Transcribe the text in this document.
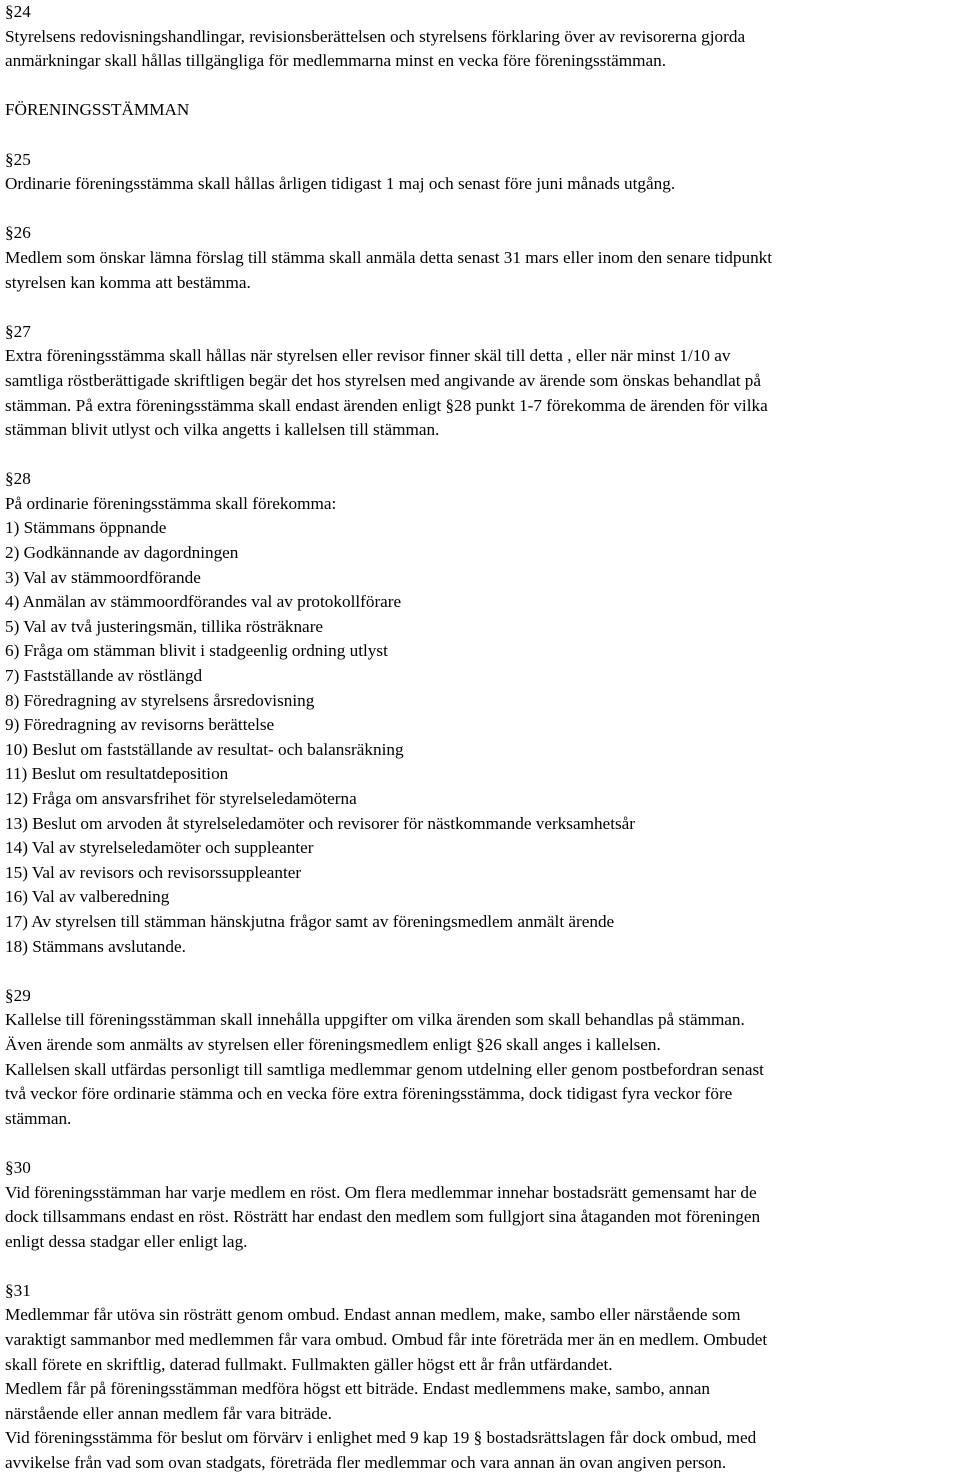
§24
Styrelsens redovisningshandlingar, revisionsberättelsen och styrelsens förklaring över av revisorerna gjorda
anmärkningar skall hållas tillgängliga för medlemmarna minst en vecka före föreningsstämman.
FÖRENINGSSTÄMMAN
§25
Ordinarie föreningsstämma skall hållas årligen tidigast 1 maj och senast före juni månads utgång.
§26
Medlem som önskar lämna förslag till stämma skall anmäla detta senast 31 mars eller inom den senare tidpunkt
styrelsen kan komma att bestämma.
§27
Extra föreningsstämma skall hållas när styrelsen eller revisor finner skäl till detta , eller när minst 1/10 av
samtliga röstberättigade skriftligen begär det hos styrelsen med angivande av ärende som önskas behandlat på
stämman. På extra föreningsstämma skall endast ärenden enligt §28 punkt 1-7 förekomma de ärenden för vilka
stämman blivit utlyst och vilka angetts i kallelsen till stämman.
§28
På ordinarie föreningsstämma skall förekomma:
1) Stämmans öppnande
2) Godkännande av dagordningen
3) Val av stämmoordförande
4) Anmälan av stämmoordförandes val av protokollförare
5) Val av två justeringsmän, tillika rösträknare
6) Fråga om stämman blivit i stadgeenlig ordning utlyst
7) Fastställande av röstlängd
8) Föredragning av styrelsens årsredovisning
9) Föredragning av revisorns berättelse
10) Beslut om fastställande av resultat- och balansräkning
11) Beslut om resultatdeposition
12) Fråga om ansvarsfrihet för styrelseledamöterna
13) Beslut om arvoden åt styrelseledamöter och revisorer för nästkommande verksamhetsår
14) Val av styrelseledamöter och suppleanter
15) Val av revisors och revisorssuppleanter
16) Val av valberedning
17) Av styrelsen till stämman hänskjutna frågor samt av föreningsmedlem anmält ärende
18) Stämmans avslutande.
§29
Kallelse till föreningsstämman skall innehålla uppgifter om vilka ärenden som skall behandlas på stämman.
Även ärende som anmälts av styrelsen eller föreningsmedlem enligt §26 skall anges i kallelsen.
Kallelsen skall utfärdas personligt till samtliga medlemmar genom utdelning eller genom postbefordran senast
två veckor före ordinarie stämma och en vecka före extra föreningsstämma, dock tidigast fyra veckor före
stämman.
§30
Vid föreningsstämman har varje medlem en röst. Om flera medlemmar innehar bostadsrätt gemensamt har de
dock tillsammans endast en röst. Rösträtt har endast den medlem som fullgjort sina åtaganden mot föreningen
enligt dessa stadgar eller enligt lag.
§31
Medlemmar får utöva sin rösträtt genom ombud. Endast annan medlem, make, sambo eller närstående som
varaktigt sammanbor med medlemmen får vara ombud. Ombud får inte företräda mer än en medlem. Ombudet
skall förete en skriftlig, daterad fullmakt. Fullmakten gäller högst ett år från utfärdandet.
Medlem får på föreningsstämman medföra högst ett biträde. Endast medlemmens make, sambo, annan
närstående eller annan medlem får vara biträde.
Vid föreningsstämma för beslut om förvärv i enlighet med 9 kap 19 § bostadsrättslagen får dock ombud, med
avvikelse från vad som ovan stadgats, företräda fler medlemmar och vara annan än ovan angiven person.
